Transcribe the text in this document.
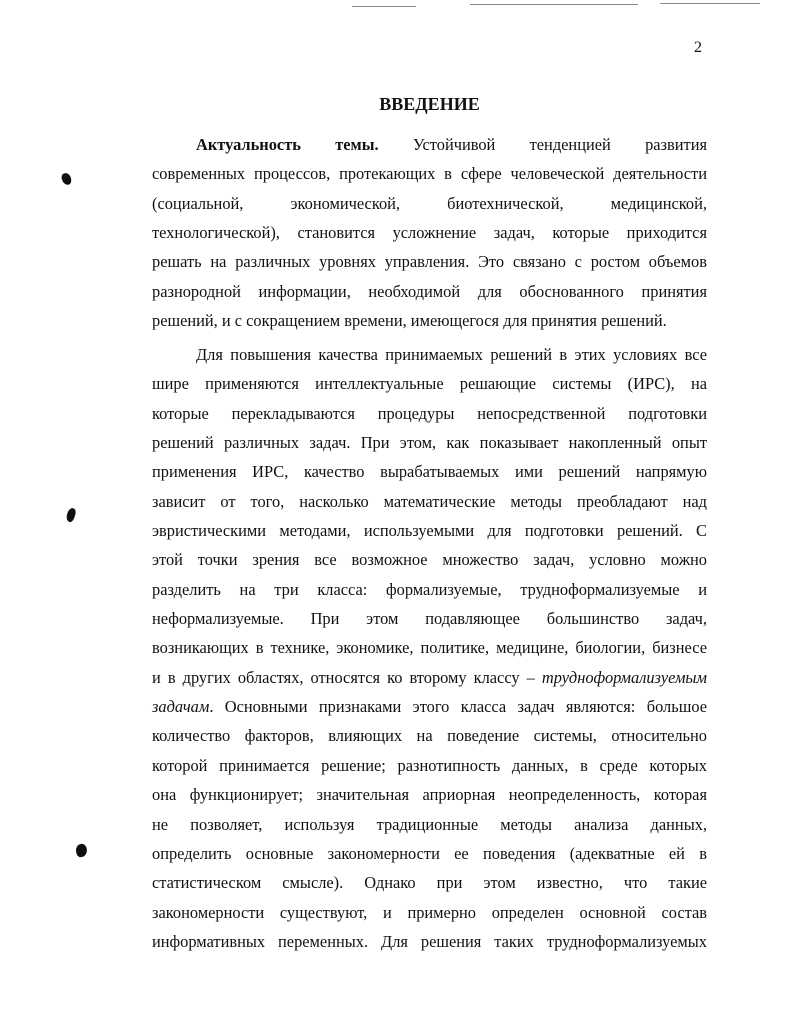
2
ВВЕДЕНИЕ
Актуальность темы. Устойчивой тенденцией развития
современных процессов, протекающих в сфере человеческой деятельности
(социальной, экономической, биотехнической, медицинской,
технологической), становится усложнение задач, которые приходится
решать на различных уровнях управления. Это связано с ростом объемов
разнородной информации, необходимой для обоснованного принятия
решений, и с сокращением времени, имеющегося для принятия решений.
Для повышения качества принимаемых решений в этих условиях все
шире применяются интеллектуальные решающие системы (ИРС), на
которые перекладываются процедуры непосредственной подготовки
решений различных задач. При этом, как показывает накопленный опыт
применения ИРС, качество вырабатываемых ими решений напрямую
зависит от того, насколько математические методы преобладают над
эвристическими методами, используемыми для подготовки решений. С
этой точки зрения все возможное множество задач, условно можно
разделить на три класса: формализуемые, трудноформализуемые и
неформализуемые. При этом подавляющее большинство задач,
возникающих в технике, экономике, политике, медицине, биологии, бизнесе
и в других областях, относятся ко второму классу – трудноформализуемым
задачам. Основными признаками этого класса задач являются: большое
количество факторов, влияющих на поведение системы, относительно
которой принимается решение; разнотипность данных, в среде которых
она функционирует; значительная априорная неопределенность, которая
не позволяет, используя традиционные методы анализа данных,
определить основные закономерности ее поведения (адекватные ей в
статистическом смысле). Однако при этом известно, что такие
закономерности существуют, и примерно определен основной состав
информативных переменных. Для решения таких трудноформализуемых
